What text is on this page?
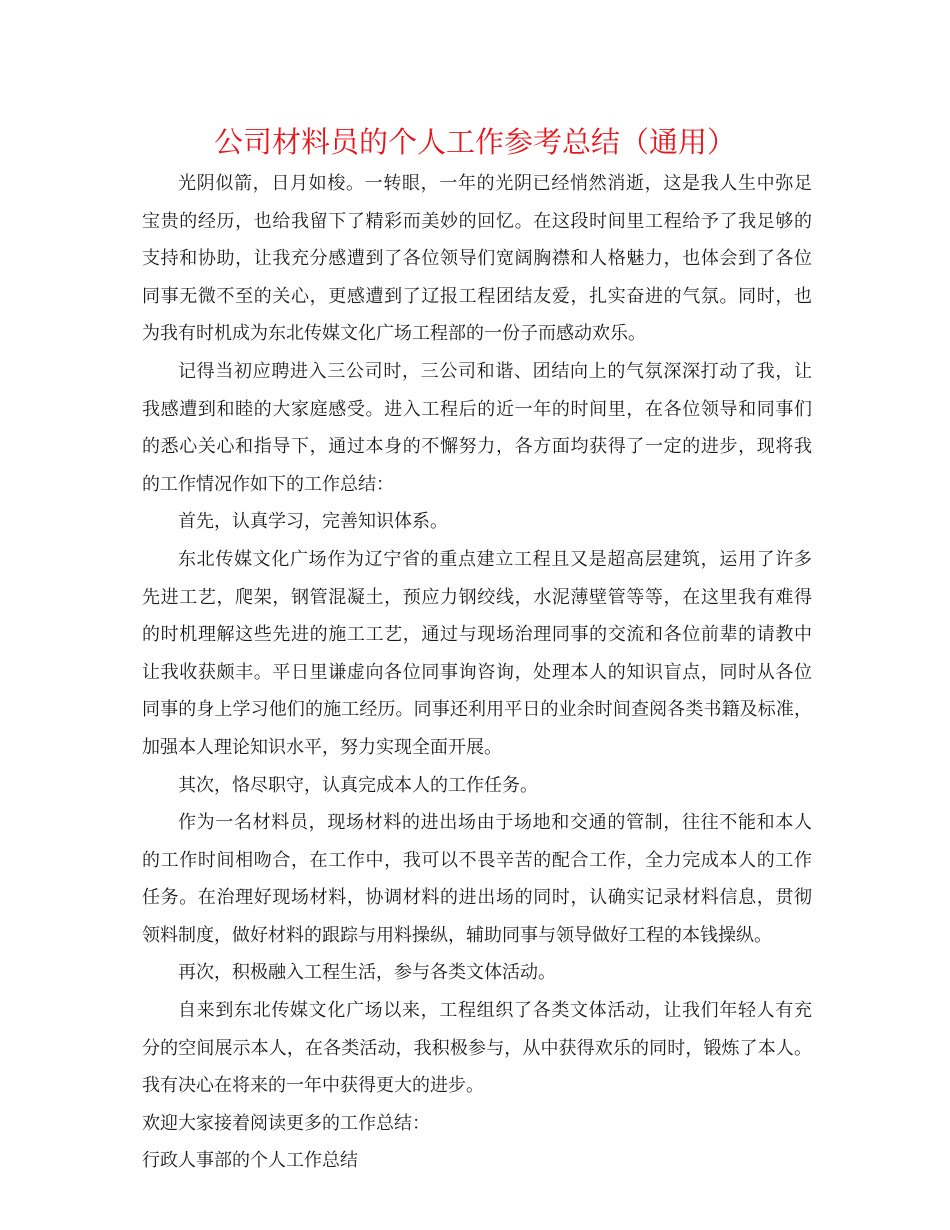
公司材料员的个人工作参考总结（通用）
光阴似箭，日月如梭。一转眼，一年的光阴已经悄然消逝，这是我人生中弥足
宝贵的经历，也给我留下了精彩而美妙的回忆。在这段时间里工程给予了我足够的
支持和协助，让我充分感遭到了各位领导们宽阔胸襟和人格魅力，也体会到了各位
同事无微不至的关心，更感遭到了辽报工程团结友爱，扎实奋进的气氛。同时，也
为我有时机成为东北传媒文化广场工程部的一份子而感动欢乐。
记得当初应聘进入三公司时，三公司和谐、团结向上的气氛深深打动了我，让
我感遭到和睦的大家庭感受。进入工程后的近一年的时间里，在各位领导和同事们
的悉心关心和指导下，通过本身的不懈努力，各方面均获得了一定的进步，现将我
的工作情况作如下的工作总结：
首先，认真学习，完善知识体系。
东北传媒文化广场作为辽宁省的重点建立工程且又是超高层建筑，运用了许多
先进工艺，爬架，钢管混凝土，预应力钢绞线，水泥薄壁管等等，在这里我有难得
的时机理解这些先进的施工工艺，通过与现场治理同事的交流和各位前辈的请教中
让我收获颇丰。平日里谦虚向各位同事询咨询，处理本人的知识盲点，同时从各位
同事的身上学习他们的施工经历。同事还利用平日的业余时间查阅各类书籍及标准，
加强本人理论知识水平，努力实现全面开展。
其次，恪尽职守，认真完成本人的工作任务。
作为一名材料员，现场材料的进出场由于场地和交通的管制，往往不能和本人
的工作时间相吻合，在工作中，我可以不畏辛苦的配合工作，全力完成本人的工作
任务。在治理好现场材料，协调材料的进出场的同时，认确实记录材料信息，贯彻
领料制度，做好材料的跟踪与用料操纵，辅助同事与领导做好工程的本钱操纵。
再次，积极融入工程生活，参与各类文体活动。
自来到东北传媒文化广场以来，工程组织了各类文体活动，让我们年轻人有充
分的空间展示本人，在各类活动，我积极参与，从中获得欢乐的同时，锻炼了本人。
我有决心在将来的一年中获得更大的进步。
欢迎大家接着阅读更多的工作总结：
行政人事部的个人工作总结
